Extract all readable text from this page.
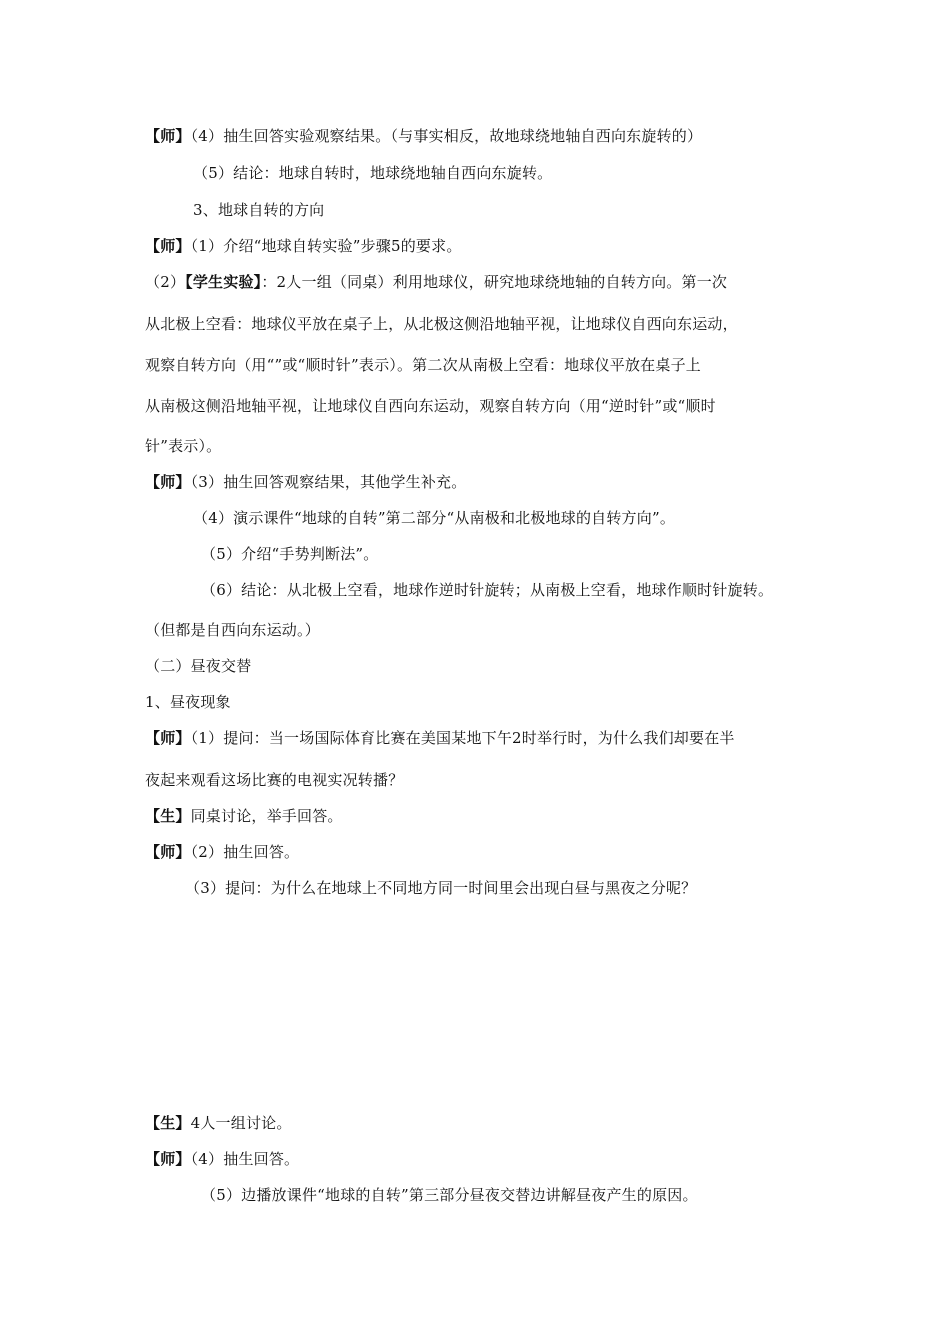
【师】（4）抽生回答实验观察结果。（与事实相反，故地球绕地轴自西向东旋转的）
（5）结论：地球自转时，地球绕地轴自西向东旋转。
3、地球自转的方向
【师】（1）介绍“地球自转实验”步骤5的要求。
（2）【学生实验】：2人一组（同桌）利用地球仪，研究地球绕地轴的自转方向。第一次
从北极上空看：地球仪平放在桌子上，从北极这侧沿地轴平视，让地球仪自西向东运动，
观察自转方向（用“”或“顺时针”表示）。第二次从南极上空看：地球仪平放在桌子上
从南极这侧沿地轴平视，让地球仪自西向东运动，观察自转方向（用“逆时针”或“顺时
针”表示）。
【师】（3）抽生回答观察结果，其他学生补充。
（4）演示课件“地球的自转”第二部分“从南极和北极地球的自转方向”。
（5）介绍“手势判断法”。
（6）结论：从北极上空看，地球作逆时针旋转；从南极上空看，地球作顺时针旋转。
（但都是自西向东运动。）
（二）昼夜交替
1、昼夜现象
【师】（1）提问：当一场国际体育比赛在美国某地下午2时举行时，为什么我们却要在半
夜起来观看这场比赛的电视实况转播？
【生】同桌讨论，举手回答。
【师】（2）抽生回答。
（3）提问：为什么在地球上不同地方同一时间里会出现白昼与黑夜之分呢？
【生】4人一组讨论。
【师】（4）抽生回答。
（5）边播放课件“地球的自转”第三部分昼夜交替边讲解昼夜产生的原因。
